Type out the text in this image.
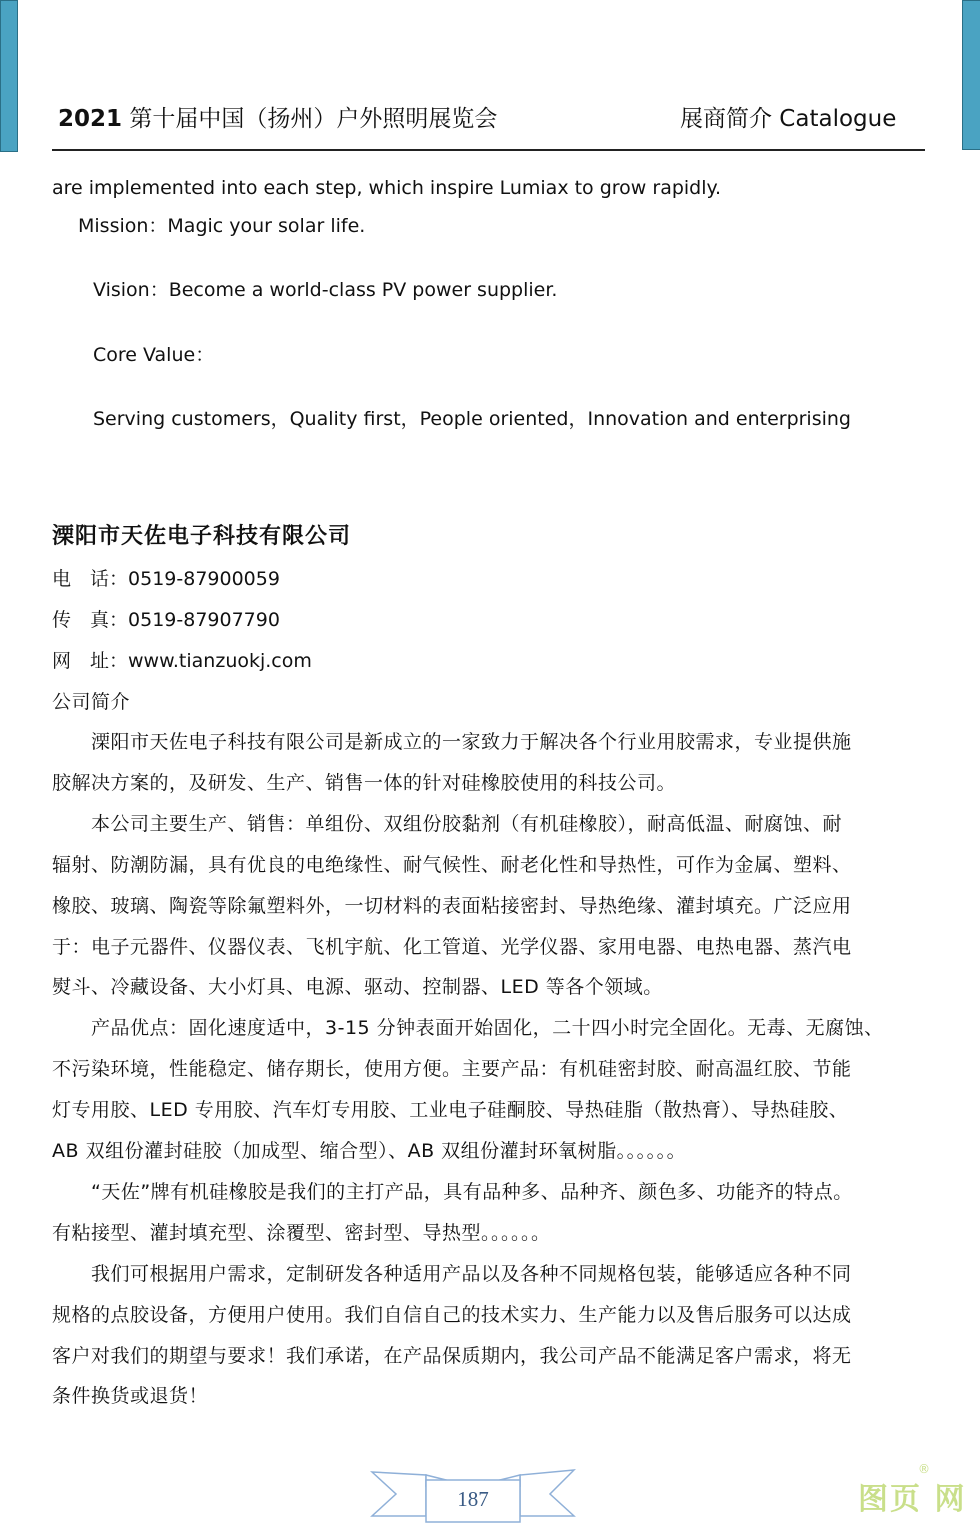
2021 第十届中国（扬州）户外照明展览会	展商简介 Catalogue
are implemented into each step, which inspire Lumiax to grow rapidly.
Mission：Magic your solar life.
Vision：Become a world-class PV power supplier.
Core Value：
Serving customers，Quality first，People oriented，Innovation and enterprising
溧阳市天佐电子科技有限公司
电　话：0519-87900059
传　真：0519-87907790
网　址：www.tianzuokj.com
公司简介
　　溧阳市天佐电子科技有限公司是新成立的一家致力于解决各个行业用胶需求，专业提供施
胶解决方案的，及研发、生产、销售一体的针对硅橡胶使用的科技公司。
　　本公司主要生产、销售：单组份、双组份胶黏剂（有机硅橡胶），耐高低温、耐腐蚀、耐
辐射、防潮防漏，具有优良的电绝缘性、耐气候性、耐老化性和导热性，可作为金属、塑料、
橡胶、玻璃、陶瓷等除氟塑料外，一切材料的表面粘接密封、导热绝缘、灌封填充。广泛应用
于：电子元器件、仪器仪表、飞机宇航、化工管道、光学仪器、家用电器、电热电器、蒸汽电
熨斗、冷藏设备、大小灯具、电源、驱动、控制器、LED 等各个领域。
　　产品优点：固化速度适中，3-15 分钟表面开始固化，二十四小时完全固化。无毒、无腐蚀、
不污染环境，性能稳定、储存期长，使用方便。主要产品：有机硅密封胶、耐高温红胶、节能
灯专用胶、LED 专用胶、汽车灯专用胶、工业电子硅酮胶、导热硅脂（散热膏）、导热硅胶、
AB 双组份灌封硅胶（加成型、缩合型）、AB 双组份灌封环氧树脂。。。。。。
　　“天佐”牌有机硅橡胶是我们的主打产品，具有品种多、品种齐、颜色多、功能齐的特点。
有粘接型、灌封填充型、涂覆型、密封型、导热型。。。。。。
　　我们可根据用户需求，定制研发各种适用产品以及各种不同规格包装，能够适应各种不同
规格的点胶设备，方便用户使用。我们自信自己的技术实力、生产能力以及售后服务可以达成
客户对我们的期望与要求！我们承诺，在产品保质期内，我公司产品不能满足客户需求，将无
条件换货或退货！
187	图页 网
®
